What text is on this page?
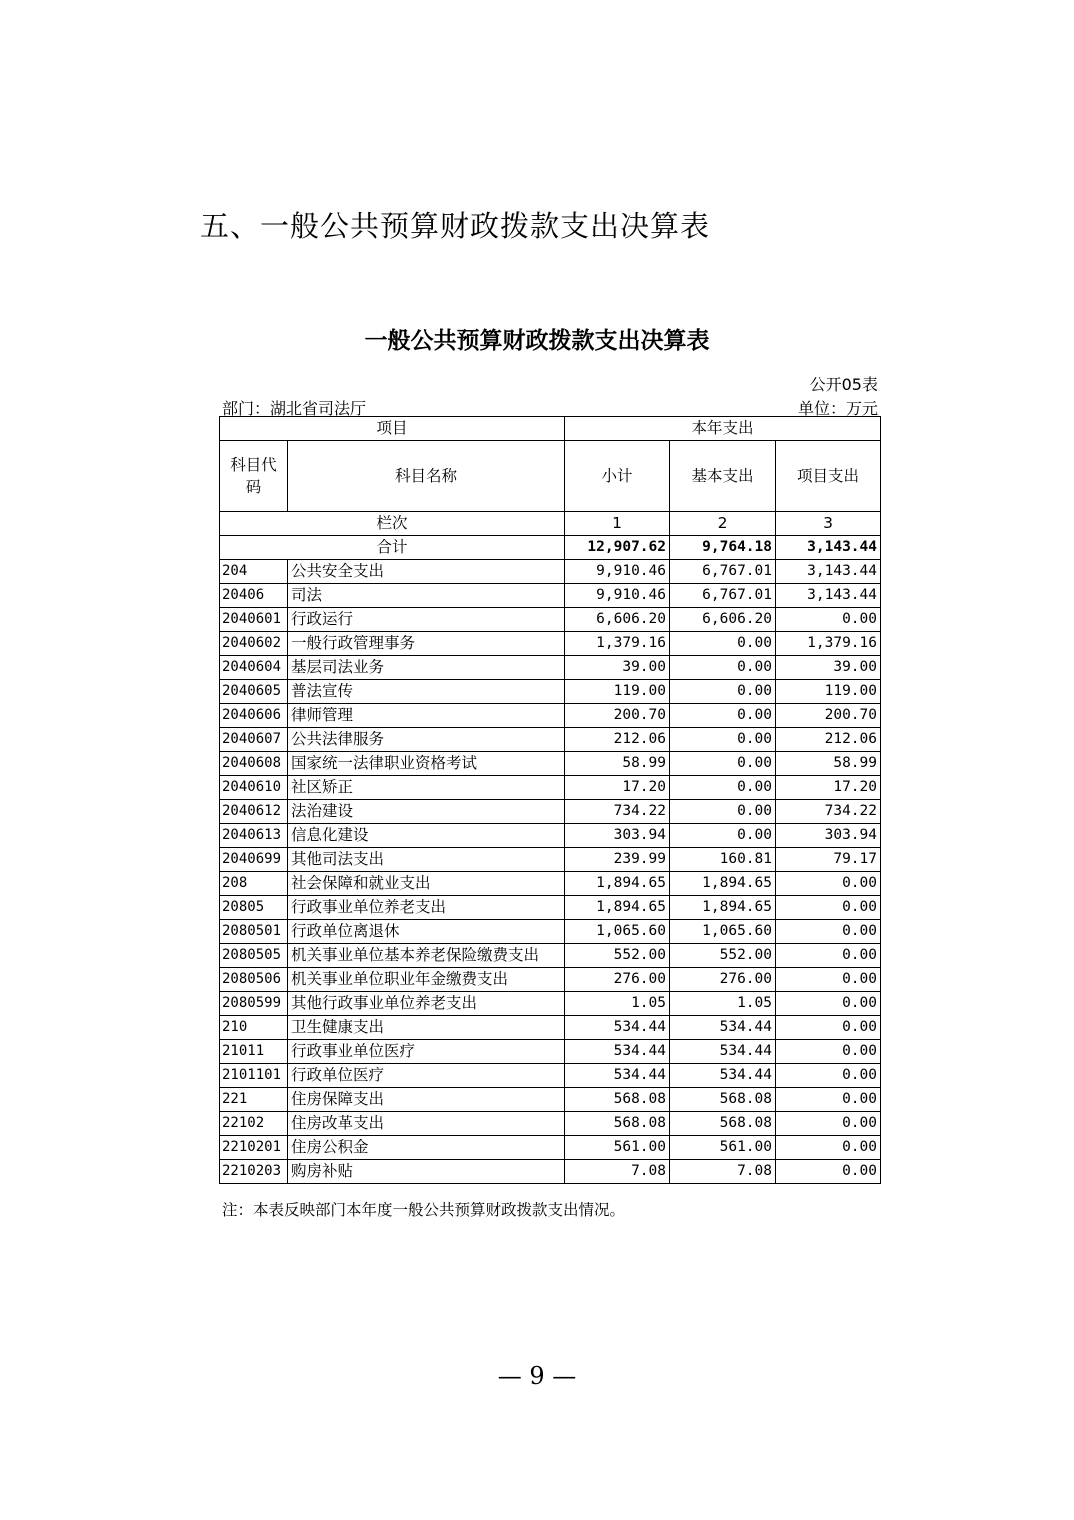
五、一般公共预算财政拨款支出决算表
一般公共预算财政拨款支出决算表
公开05表
部门：湖北省司法厅	单位：万元
项目		本年支出		
科目代码	科目名称	小计	基本支出	项目支出
栏次		1	2	3
合计		12,907.62	9,764.18	3,143.44
204	公共安全支出	9,910.46	6,767.01	3,143.44
20406	司法	9,910.46	6,767.01	3,143.44
2040601	行政运行	6,606.20	6,606.20	0.00
2040602	一般行政管理事务	1,379.16	0.00	1,379.16
2040604	基层司法业务	39.00	0.00	39.00
2040605	普法宣传	119.00	0.00	119.00
2040606	律师管理	200.70	0.00	200.70
2040607	公共法律服务	212.06	0.00	212.06
2040608	国家统一法律职业资格考试	58.99	0.00	58.99
2040610	社区矫正	17.20	0.00	17.20
2040612	法治建设	734.22	0.00	734.22
2040613	信息化建设	303.94	0.00	303.94
2040699	其他司法支出	239.99	160.81	79.17
208	社会保障和就业支出	1,894.65	1,894.65	0.00
20805	行政事业单位养老支出	1,894.65	1,894.65	0.00
2080501	行政单位离退休	1,065.60	1,065.60	0.00
2080505	机关事业单位基本养老保险缴费支出	552.00	552.00	0.00
2080506	机关事业单位职业年金缴费支出	276.00	276.00	0.00
2080599	其他行政事业单位养老支出	1.05	1.05	0.00
210	卫生健康支出	534.44	534.44	0.00
21011	行政事业单位医疗	534.44	534.44	0.00
2101101	行政单位医疗	534.44	534.44	0.00
221	住房保障支出	568.08	568.08	0.00
22102	住房改革支出	568.08	568.08	0.00
2210201	住房公积金	561.00	561.00	0.00
2210203	购房补贴	7.08	7.08	0.00
注：本表反映部门本年度一般公共预算财政拨款支出情况。
— 9 —
